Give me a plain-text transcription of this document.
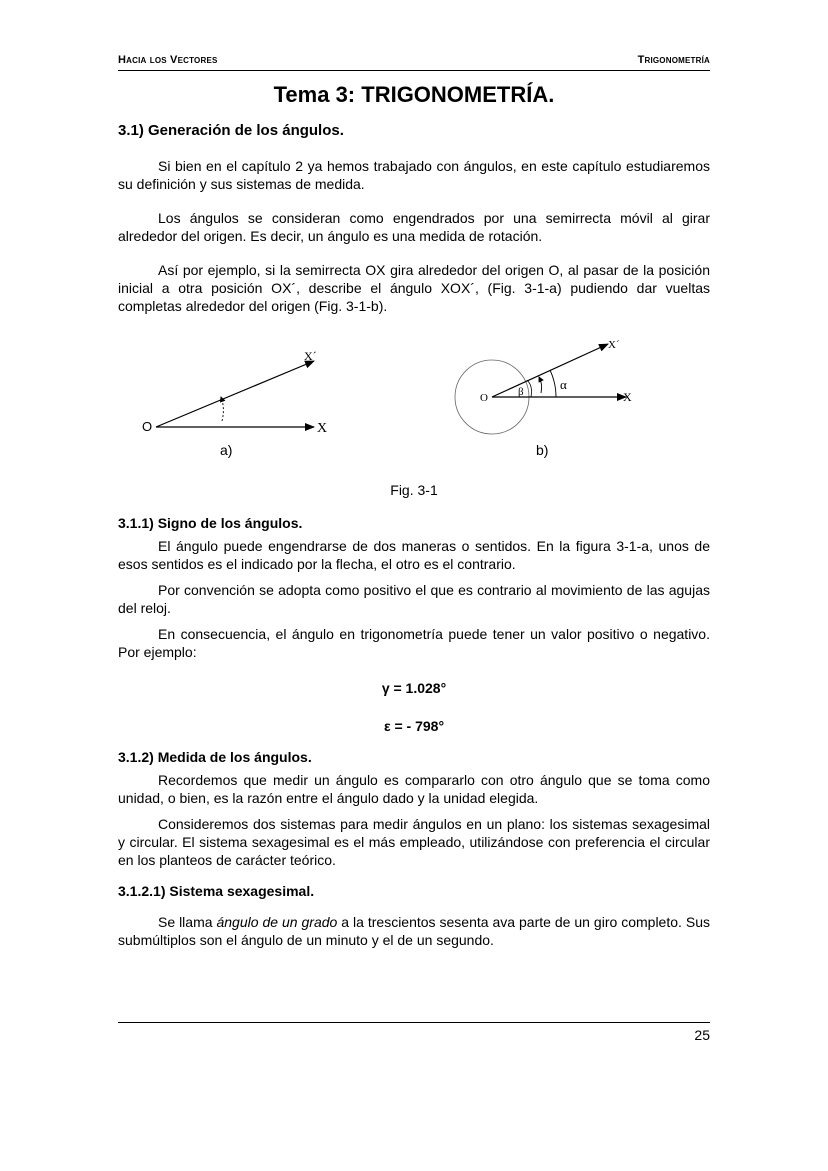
Hacia los Vectores	Trigonometría
Tema 3: TRIGONOMETRÍA.
3.1) Generación de los ángulos.

Si bien en el capítulo 2 ya hemos trabajado con ángulos, en este capítulo estudiaremos su definición y sus sistemas de medida.

Los ángulos se consideran como engendrados por una semirrecta móvil al girar alrededor del origen. Es decir, un ángulo es una medida de rotación.

Así por ejemplo, si la semirrecta OX gira alrededor del origen O, al pasar de la posición inicial a otra posición OX´, describe el ángulo XOX´, (Fig. 3-1-a) pudiendo dar vueltas completas alrededor del origen (Fig. 3-1-b).

O	X
X´
a)
O	X
X´
β	α
b)
Fig. 3-1
3.1.1) Signo de los ángulos.

El ángulo puede engendrarse de dos maneras o sentidos. En la figura 3-1-a, unos de esos sentidos es el indicado por la flecha, el otro es el contrario.

Por convención se adopta como positivo el que es contrario al movimiento de las agujas del reloj.

En consecuencia, el ángulo en trigonometría puede tener un valor positivo o negativo. Por ejemplo:

γ = 1.028°
ε = - 798°
3.1.2) Medida de los ángulos.

Recordemos que medir un ángulo es compararlo con otro ángulo que se toma como unidad, o bien, es la razón entre el ángulo dado y la unidad elegida.

Consideremos dos sistemas para medir ángulos en un plano: los sistemas sexagesimal y circular. El sistema sexagesimal es el más empleado, utilizándose con preferencia el circular en los planteos de carácter teórico.

3.1.2.1) Sistema sexagesimal.

Se llama ángulo de un grado a la trescientos sesenta ava parte de un giro completo. Sus submúltiplos son el ángulo de un minuto y el de un segundo.

25
